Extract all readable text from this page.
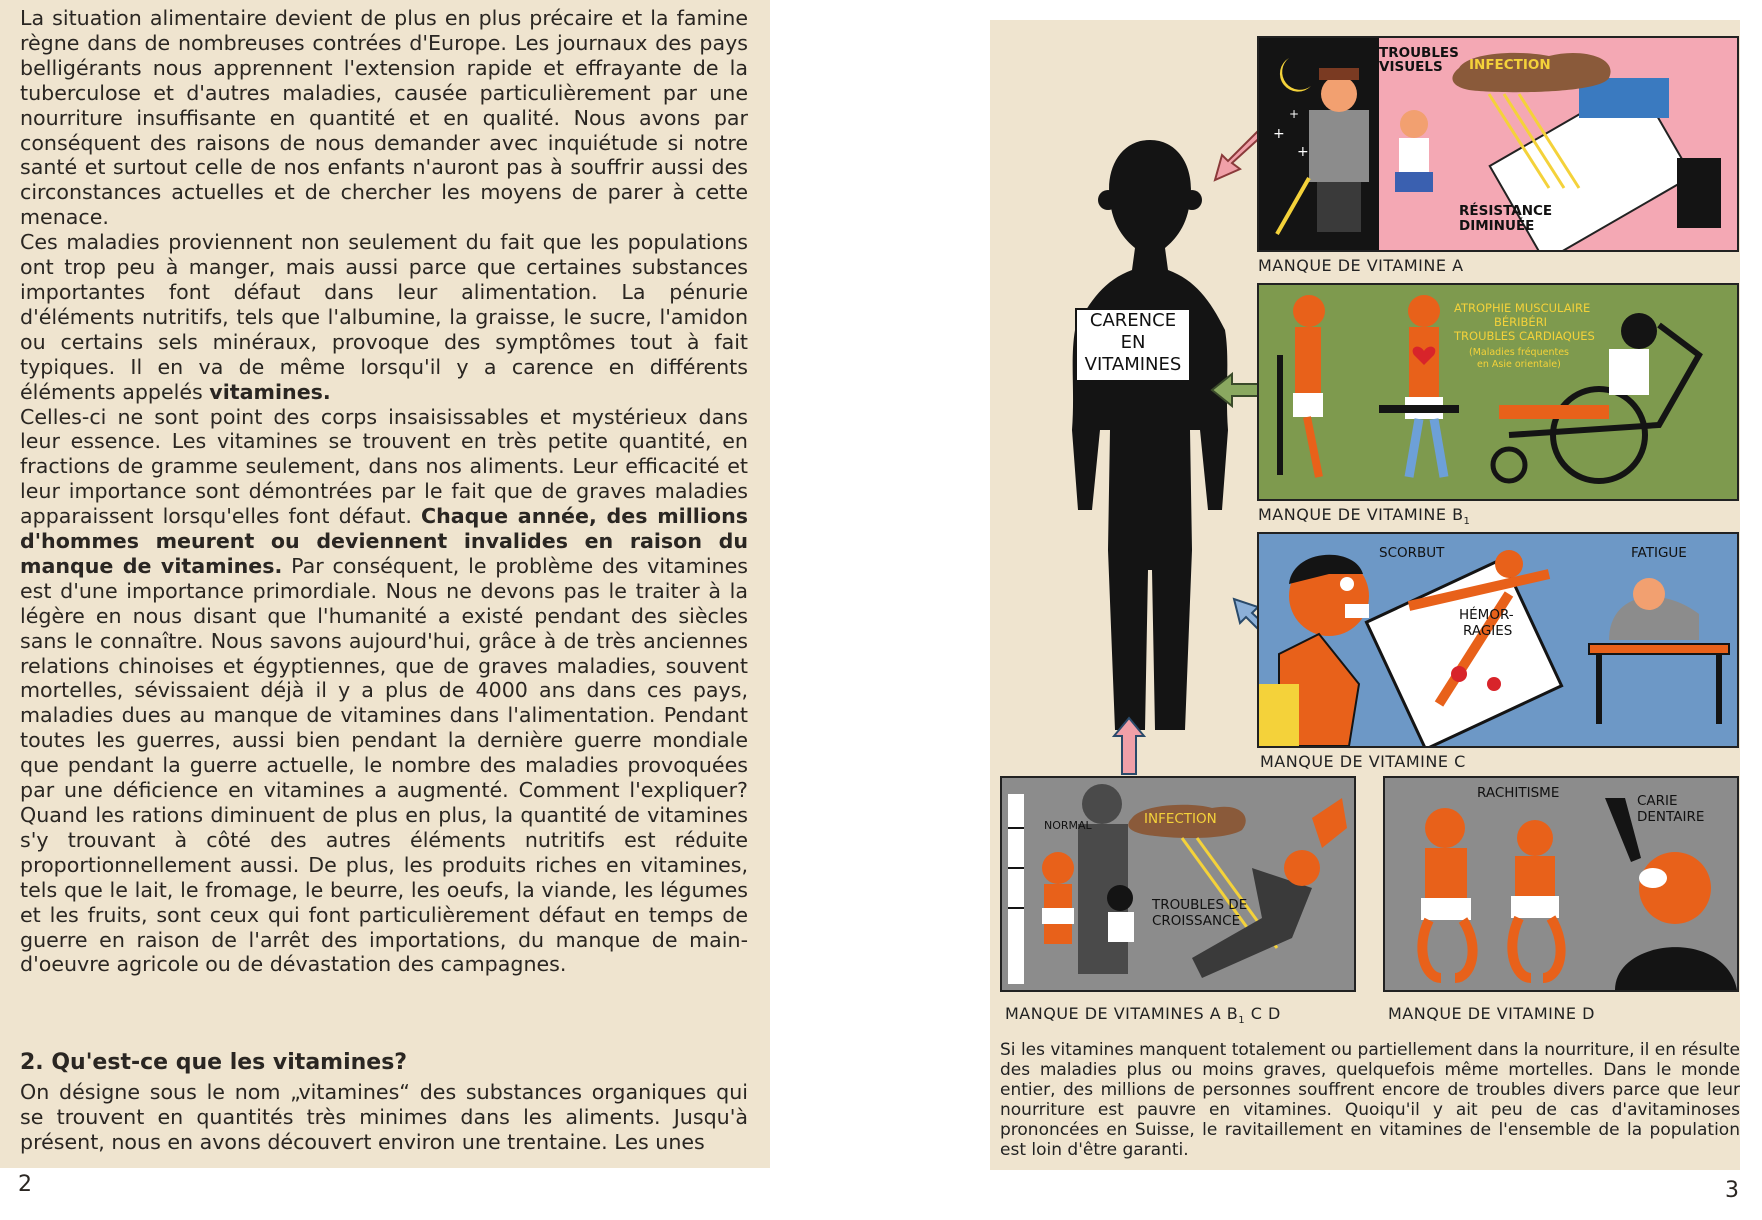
La situation alimentaire devient de plus en plus précaire et la famine règne dans de nombreuses contrées d'Europe. Les journaux des pays belligérants nous apprennent l'extension rapide et effrayante de la tuberculose et d'autres maladies, causée particulièrement par une nourriture insuffisante en quantité et en qualité. Nous avons par conséquent des raisons de nous demander avec inquiétude si notre santé et surtout celle de nos enfants n'auront pas à souffrir aussi des circonstances actuelles et de chercher les moyens de parer à cette menace.

Ces maladies proviennent non seulement du fait que les populations ont trop peu à manger, mais aussi parce que certaines substances importantes font défaut dans leur alimentation. La pénurie d'éléments nutritifs, tels que l'albumine, la graisse, le sucre, l'amidon ou certains sels minéraux, provoque des symptômes tout à fait typiques. Il en va de même lorsqu'il y a carence en différents éléments appelés vitamines.

Celles-ci ne sont point des corps insaisissables et mystérieux dans leur essence. Les vitamines se trouvent en très petite quantité, en fractions de gramme seulement, dans nos aliments. Leur efficacité et leur importance sont démontrées par le fait que de graves maladies apparaissent lorsqu'elles font défaut. Chaque année, des millions d'hommes meurent ou deviennent invalides en raison du manque de vitamines. Par conséquent, le problème des vitamines est d'une importance primordiale. Nous ne devons pas le traiter à la légère en nous disant que l'humanité a existé pendant des siècles sans le connaître. Nous savons aujourd'hui, grâce à de très anciennes relations chinoises et égyptiennes, que de graves maladies, souvent mortelles, sévissaient déjà il y a plus de 4000 ans dans ces pays, maladies dues au manque de vitamines dans l'alimentation. Pendant toutes les guerres, aussi bien pendant la dernière guerre mondiale que pendant la guerre actuelle, le nombre des maladies provoquées par une déficience en vitamines a augmenté. Comment l'expliquer? Quand les rations diminuent de plus en plus, la quantité de vitamines s'y trouvant à côté des autres éléments nutritifs est réduite proportionnellement aussi. De plus, les produits riches en vitamines, tels que le lait, le fromage, le beurre, les oeufs, la viande, les légumes et les fruits, sont ceux qui font particulièrement défaut en temps de guerre en raison de l'arrêt des importations, du manque de main-d'oeuvre agricole ou de dévastation des campagnes.

2. Qu'est-ce que les vitamines?
On désigne sous le nom „vitamines“ des substances organiques qui se trouvent en quantités très minimes dans les aliments. Jusqu'à présent, nous en avons découvert environ une trentaine. Les unes
2
CARENCE
EN
VITAMINES
+
+
+
TROUBLES
VISUELS INFECTION
RÉSISTANCE
DIMINUÉE
MANQUE DE VITAMINE A
ATROPHIE MUSCULAIRE
BÉRIBÉRI
TROUBLES CARDIAQUES
(Maladies fréquentes
en Asie orientale)
MANQUE DE VITAMINE $B_1$
SCORBUT	FATIGUE
HÉMOR-
RAGIES
MANQUE DE VITAMINE C
NORMAL	INFECTION
TROUBLES DE
CROISSANCE
MANQUE DE VITAMINES A $B_1$ C D
RACHITISME	CARIE
DENTAIRE
MANQUE DE VITAMINE D
Si les vitamines manquent totalement ou partiellement dans la nourriture, il en résulte des maladies plus ou moins graves, quelquefois même mortelles. Dans le monde entier, des millions de personnes souffrent encore de troubles divers parce que leur nourriture est pauvre en vitamines. Quoiqu'il y ait peu de cas d'avitaminoses prononcées en Suisse, le ravitaillement en vitamines de l'ensemble de la population est loin d'être garanti.
3
